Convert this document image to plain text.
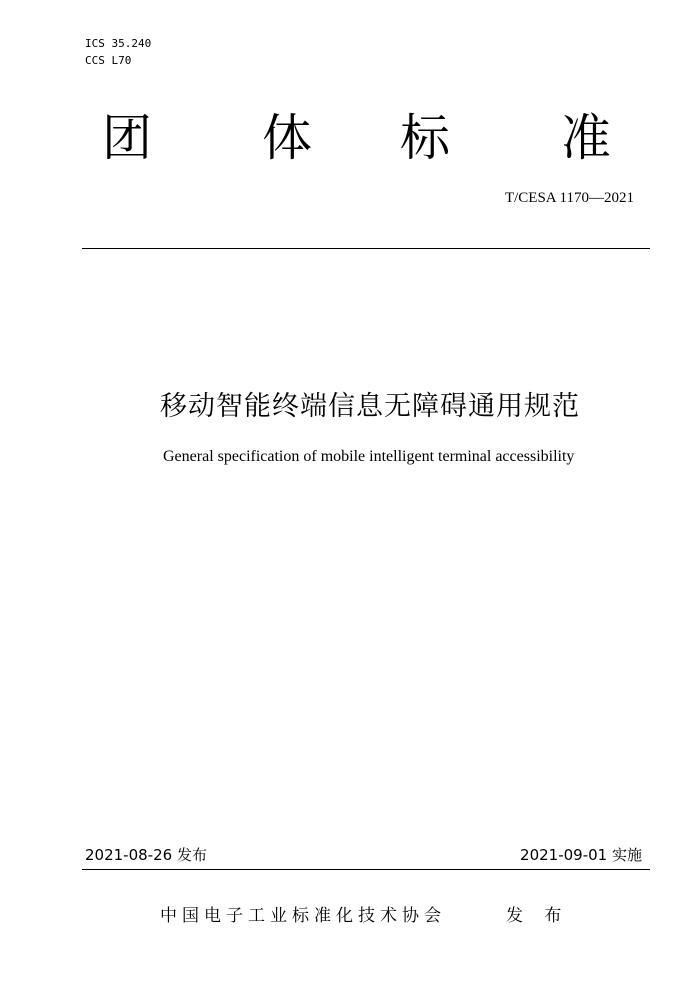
ICS 35.240
CCS L70
团 体 标 准
T/CESA 1170—2021
移动智能终端信息无障碍通用规范
General specification of mobile intelligent terminal accessibility
2021-08-26 发布	2021-09-01 实施
中国电子工业标准化技术协会	发 布
